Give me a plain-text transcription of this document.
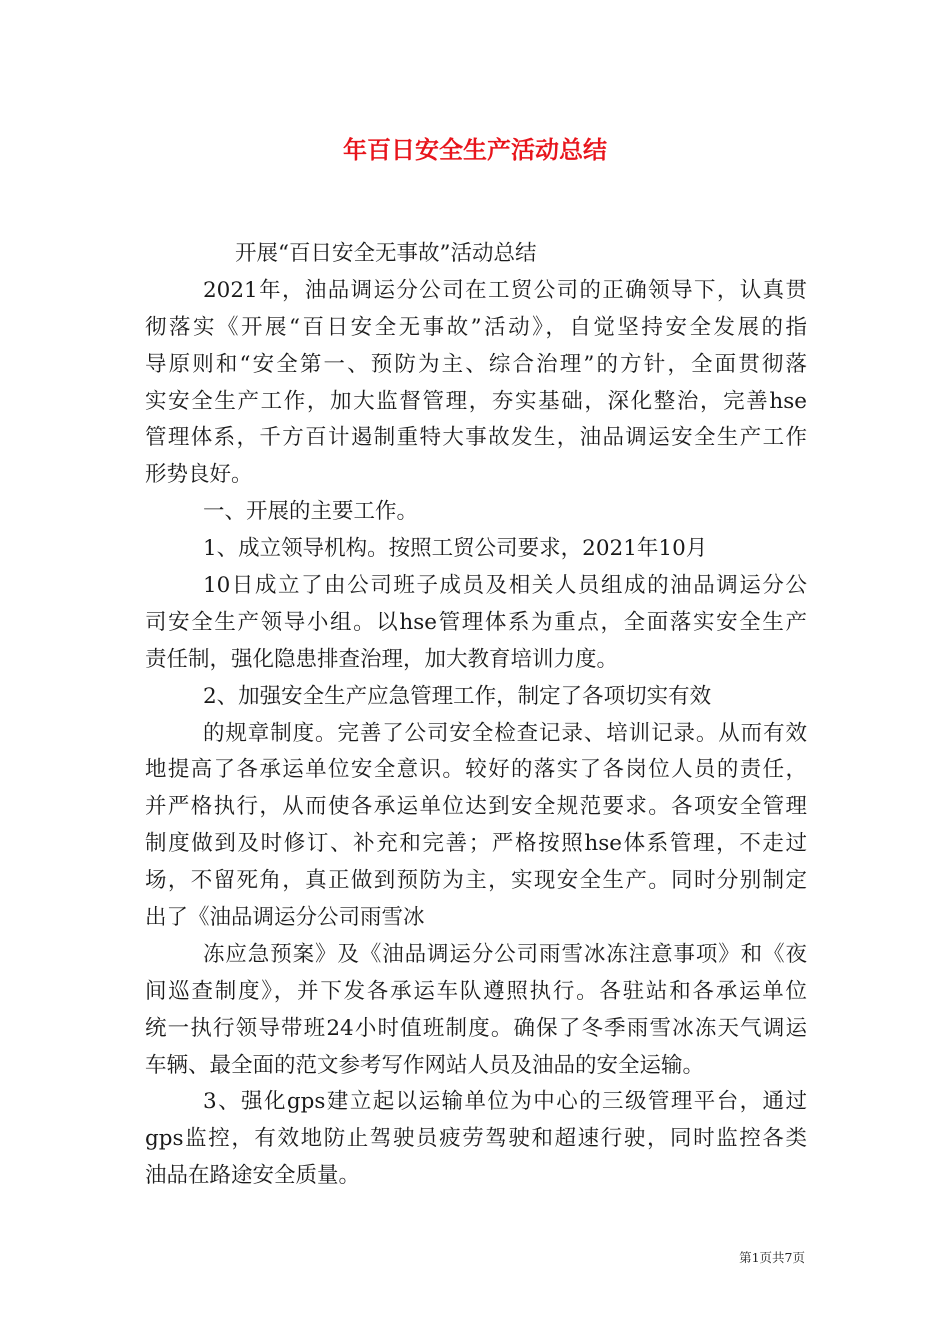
年百日安全生产活动总结
开展“百日安全无事故”活动总结
2021年，油品调运分公司在工贸公司的正确领导下，认真贯
彻落实《开展“百日安全无事故”活动》，自觉坚持安全发展的指
导原则和“安全第一、预防为主、综合治理”的方针，全面贯彻落
实安全生产工作，加大监督管理，夯实基础，深化整治，完善hse
管理体系，千方百计遏制重特大事故发生，油品调运安全生产工作
形势良好。
一、开展的主要工作。
1、成立领导机构。按照工贸公司要求，2021年10月
10日成立了由公司班子成员及相关人员组成的油品调运分公
司安全生产领导小组。以hse管理体系为重点，全面落实安全生产
责任制，强化隐患排查治理，加大教育培训力度。
2、加强安全生产应急管理工作，制定了各项切实有效
的规章制度。完善了公司安全检查记录、培训记录。从而有效
地提高了各承运单位安全意识。较好的落实了各岗位人员的责任，
并严格执行，从而使各承运单位达到安全规范要求。各项安全管理
制度做到及时修订、补充和完善；严格按照hse体系管理，不走过
场，不留死角，真正做到预防为主，实现安全生产。同时分别制定
出了《油品调运分公司雨雪冰
冻应急预案》及《油品调运分公司雨雪冰冻注意事项》和《夜
间巡查制度》，并下发各承运车队遵照执行。各驻站和各承运单位
统一执行领导带班24小时值班制度。确保了冬季雨雪冰冻天气调运
车辆、最全面的范文参考写作网站人员及油品的安全运输。
3、强化gps建立起以运输单位为中心的三级管理平台，通过
gps监控，有效地防止驾驶员疲劳驾驶和超速行驶，同时监控各类
油品在路途安全质量。
第1页共7页
